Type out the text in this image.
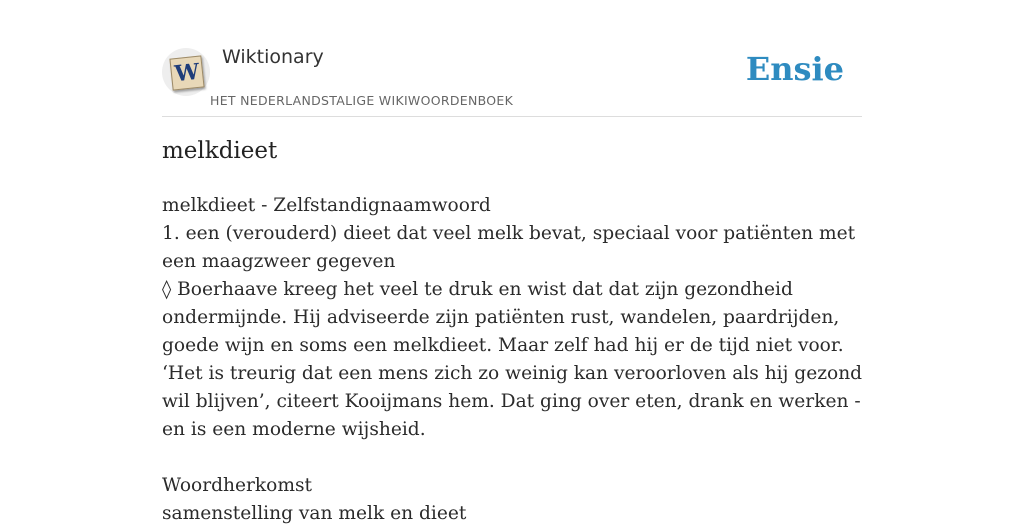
W
Wiktionary
HET NEDERLANDSTALIGE WIKIWOORDENBOEK
Ensie
melkdieet

melkdieet - Zelfstandignaamwoord

1. een (verouderd) dieet dat veel melk bevat, speciaal voor patiënten met een maagzweer gegeven

◊ Boerhaave kreeg het veel te druk en wist dat dat zijn gezondheid ondermijnde. Hij adviseerde zijn patiënten rust, wandelen, paardrijden, goede wijn en soms een melkdieet. Maar zelf had hij er de tijd niet voor. ‘Het is treurig dat een mens zich zo weinig kan veroorloven als hij gezond wil blijven’, citeert Kooijmans hem. Dat ging over eten, drank en werken - en is een moderne wijsheid.

Woordherkomst

samenstelling van melk en dieet
